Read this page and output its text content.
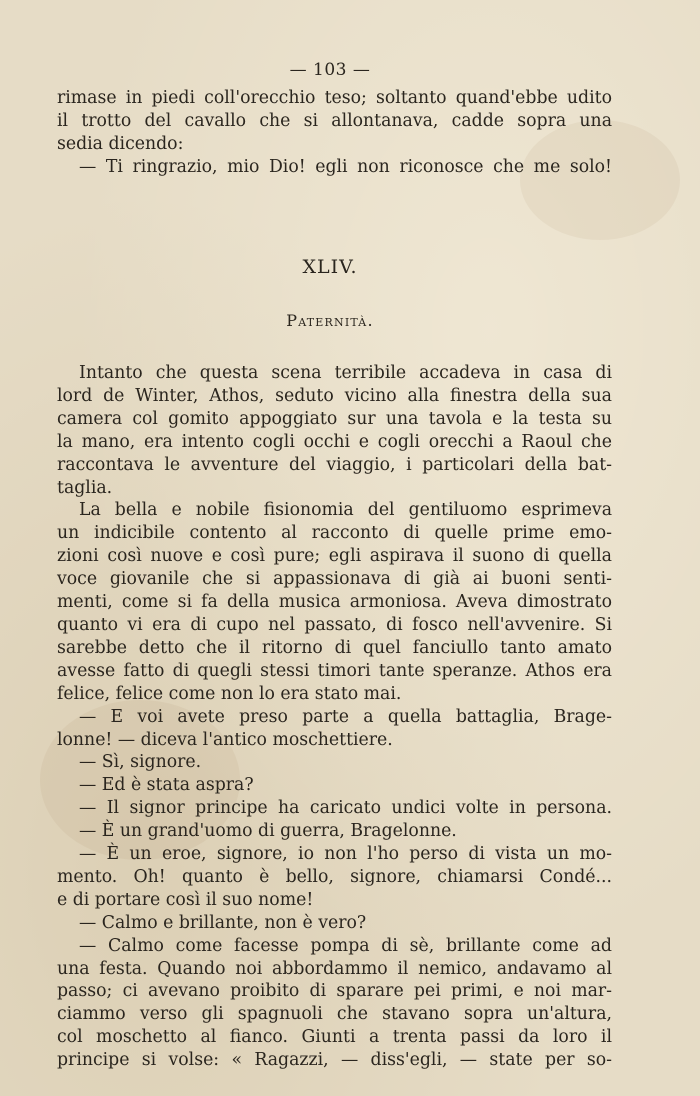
— 103 —
rimase in piedi coll'orecchio teso; soltanto quand'ebbe udito
il trotto del cavallo che si allontanava, cadde sopra una
sedia dicendo:
— Ti ringrazio, mio Dio! egli non riconosce che me solo!
XLIV.
Paternità.
Intanto che questa scena terribile accadeva in casa di
lord de Winter, Athos, seduto vicino alla finestra della sua
camera col gomito appoggiato sur una tavola e la testa su
la mano, era intento cogli occhi e cogli orecchi a Raoul che
raccontava le avventure del viaggio, i particolari della bat-
taglia.
La bella e nobile fisionomia del gentiluomo esprimeva
un indicibile contento al racconto di quelle prime emo-
zioni così nuove e così pure; egli aspirava il suono di quella
voce giovanile che si appassionava di già ai buoni senti-
menti, come si fa della musica armoniosa. Aveva dimostrato
quanto vi era di cupo nel passato, di fosco nell'avvenire. Si
sarebbe detto che il ritorno di quel fanciullo tanto amato
avesse fatto di quegli stessi timori tante speranze. Athos era
felice, felice come non lo era stato mai.
— E voi avete preso parte a quella battaglia, Brage-
lonne! — diceva l'antico moschettiere.
— Sì, signore.
— Ed è stata aspra?
— Il signor principe ha caricato undici volte in persona.
— È un grand'uomo di guerra, Bragelonne.
— È un eroe, signore, io non l'ho perso di vista un mo-
mento. Oh! quanto è bello, signore, chiamarsi Condé...
e di portare così il suo nome!
— Calmo e brillante, non è vero?
— Calmo come facesse pompa di sè, brillante come ad
una festa. Quando noi abbordammo il nemico, andavamo al
passo; ci avevano proibito di sparare pei primi, e noi mar-
ciammo verso gli spagnuoli che stavano sopra un'altura,
col moschetto al fianco. Giunti a trenta passi da loro il
principe si volse: « Ragazzi, — diss'egli, — state per so-
